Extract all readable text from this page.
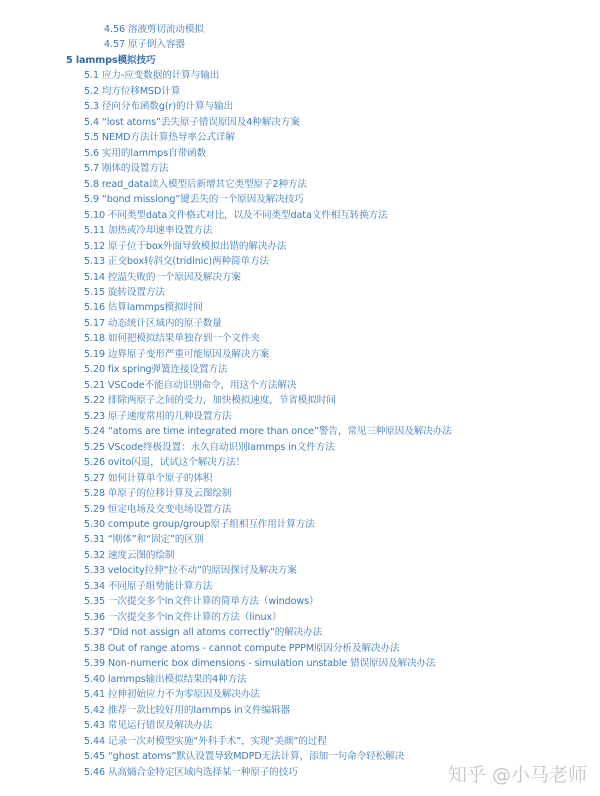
4.56 溶液剪切流动模拟
4.57 原子倒入容器
5 lammps模拟技巧
5.1 应力-应变数据的计算与输出
5.2 均方位移MSD计算
5.3 径向分布函数g(r)的计算与输出
5.4 “lost atoms”丢失原子错误原因及4种解决方案
5.5 NEMD方法计算热导率公式详解
5.6 实用的lammps自带函数
5.7 刚体的设置方法
5.8 read_data读入模型后新增其它类型原子2种方法
5.9 “bond missiong”键丢失的一个原因及解决技巧
5.10 不同类型data文件格式对比，以及不同类型data文件相互转换方法
5.11 加热或冷却速率设置方法
5.12 原子位于box外面导致模拟出错的解决办法
5.13 正交box转斜交(tridinic)两种简单方法
5.14 控温失败的一个原因及解决方案
5.15 旋转设置方法
5.16 估算lammps模拟时间
5.17 动态统计区域内的原子数量
5.18 如何把模拟结果单独存到一个文件夹
5.19 边界原子变形严重可能原因及解决方案
5.20 fix spring弹簧连接设置方法
5.21 VSCode不能自动识别命令，用这个方法解决
5.22 排除两原子之间的受力，加快模拟速度，节省模拟时间
5.23 原子速度常用的几种设置方法
5.24 “atoms are time integrated more than once”警告，常见三种原因及解决办法
5.25 VScode终极设置：永久自动识别lammps in文件方法
5.26 ovito闪退，试试这个解决方法！
5.27 如何计算单个原子的体积
5.28 单原子的位移计算及云图绘制
5.29 恒定电场及交变电场设置方法
5.30 compute group/group原子组相互作用计算方法
5.31 “刚体”和“固定”的区别
5.32 速度云图的绘制
5.33 velocity拉伸“拉不动”的原因探讨及解决方案
5.34 不同原子组势能计算方法
5.35 一次提交多个in文件计算的简单方法（windows）
5.36 一次提交多个in文件计算的方法（linux）
5.37 “Did not assign all atoms correctly”的解决办法
5.38 Out of range atoms - cannot compute PPPM原因分析及解决办法
5.39 Non-numeric box dimensions - simulation unstable 错误原因及解决办法
5.40 lammps输出模拟结果的4种方法
5.41 拉伸初始应力不为零原因及解决办法
5.42 推荐一款比较好用的lammps in文件编辑器
5.43 常见运行错误及解决办法
5.44 记录一次对模型实施“外科手术”，实现“美颜”的过程
5.45 “ghost atoms”默认设置导致MDPD无法计算，添加一句命令轻松解决
5.46 从高熵合金特定区域内选择某一种原子的技巧	知乎 @小马老师
